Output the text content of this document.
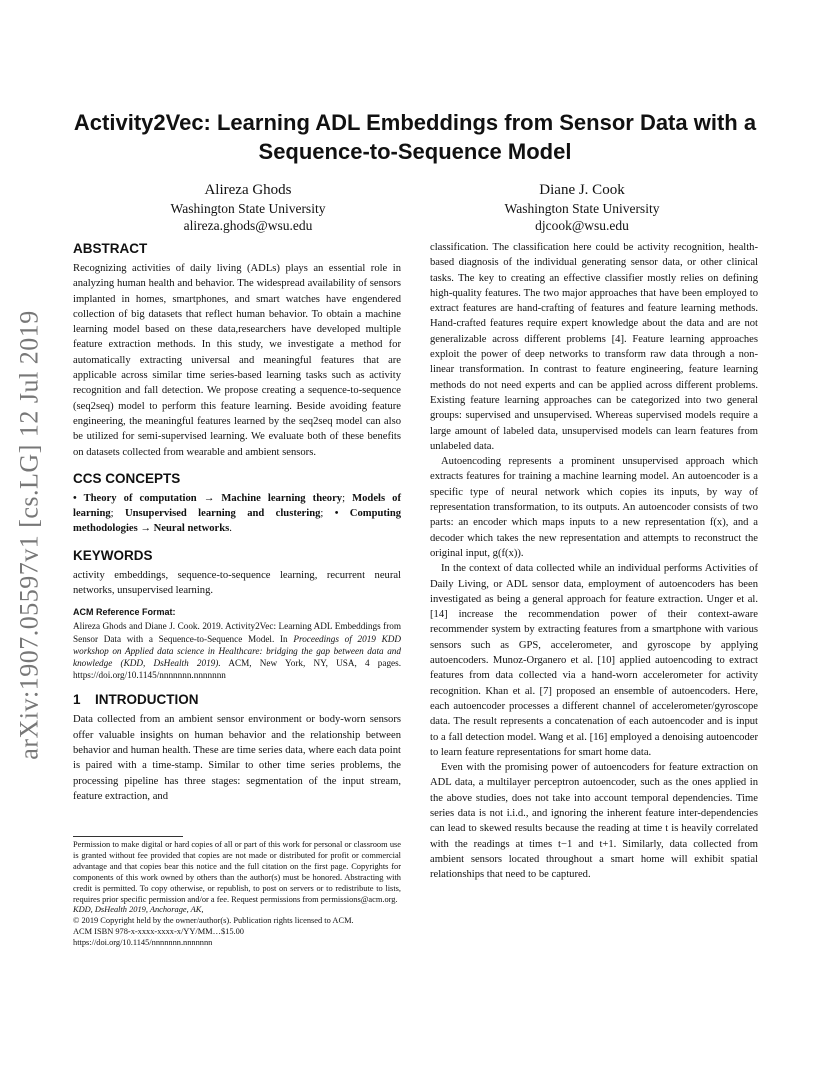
arXiv:1907.05597v1 [cs.LG] 12 Jul 2019
Activity2Vec: Learning ADL Embeddings from Sensor Data with a Sequence-to-Sequence Model
Alireza Ghods
Washington State University
alireza.ghods@wsu.edu
Diane J. Cook
Washington State University
djcook@wsu.edu
ABSTRACT

Recognizing activities of daily living (ADLs) plays an essential role in analyzing human health and behavior. The widespread availability of sensors implanted in homes, smartphones, and smart watches have engendered collection of big datasets that reflect human behavior. To obtain a machine learning model based on these data,researchers have developed multiple feature extraction methods. In this study, we investigate a method for automatically extracting universal and meaningful features that are applicable across similar time series-based learning tasks such as activity recognition and fall detection. We propose creating a sequence-to-sequence (seq2seq) model to perform this feature learning. Beside avoiding feature engineering, the meaningful features learned by the seq2seq model can also be utilized for semi-supervised learning. We evaluate both of these benefits on datasets collected from wearable and ambient sensors.

CCS CONCEPTS

• Theory of computation → Machine learning theory; Models of learning; Unsupervised learning and clustering; • Computing methodologies → Neural networks.

KEYWORDS

activity embeddings, sequence-to-sequence learning, recurrent neural networks, unsupervised learning.

ACM Reference Format:

Alireza Ghods and Diane J. Cook. 2019. Activity2Vec: Learning ADL Embeddings from Sensor Data with a Sequence-to-Sequence Model. In Proceedings of 2019 KDD workshop on Applied data science in Healthcare: bridging the gap between data and knowledge (KDD, DsHealth 2019). ACM, New York, NY, USA, 4 pages. https://doi.org/10.1145/nnnnnnn.nnnnnnn

1 INTRODUCTION

Data collected from an ambient sensor environment or body-worn sensors offer valuable insights on human behavior and the relationship between behavior and human health. These are time series data, where each data point is paired with a time-stamp. Similar to other time series problems, the processing pipeline has three stages: segmentation of the input stream, feature extraction, and

Permission to make digital or hard copies of all or part of this work for personal or classroom use is granted without fee provided that copies are not made or distributed for profit or commercial advantage and that copies bear this notice and the full citation on the first page. Copyrights for components of this work owned by others than the author(s) must be honored. Abstracting with credit is permitted. To copy otherwise, or republish, to post on servers or to redistribute to lists, requires prior specific permission and/or a fee. Request permissions from permissions@acm.org.
KDD, DsHealth 2019, Anchorage, AK,
© 2019 Copyright held by the owner/author(s). Publication rights licensed to ACM.
ACM ISBN 978-x-xxxx-xxxx-x/YY/MM…$15.00
https://doi.org/10.1145/nnnnnnn.nnnnnnn

classification. The classification here could be activity recognition, health-based diagnosis of the individual generating sensor data, or other clinical tasks. The key to creating an effective classifier mostly relies on defining high-quality features. The two major approaches that have been employed to extract features are hand-crafting of features and feature learning methods. Hand-crafted features require expert knowledge about the data and are not generalizable across different problems [4]. Feature learning approaches exploit the power of deep networks to transform raw data through a non-linear transformation. In contrast to feature engineering, feature learning methods do not need experts and can be applied across different problems. Existing feature learning approaches can be categorized into two general groups: supervised and unsupervised. Whereas supervised models require a large amount of labeled data, unsupervised models can learn features from unlabeled data.

Autoencoding represents a prominent unsupervised approach which extracts features for training a machine learning model. An autoencoder is a specific type of neural network which copies its inputs, by way of representation transformation, to its outputs. An autoencoder consists of two parts: an encoder which maps inputs to a new representation f(x), and a decoder which takes the new representation and attempts to reconstruct the original input, g(f(x)).

In the context of data collected while an individual performs Activities of Daily Living, or ADL sensor data, employment of autoencoders has been investigated as being a general approach for feature extraction. Unger et al. [14] increase the recommendation power of their context-aware recommender system by extracting features from a smartphone with various sensors such as GPS, accelerometer, and gyroscope by applying autoencoders. Munoz-Organero et al. [10] applied autoencoding to extract features from data collected via a hand-worn accelerometer for activity recognition. Khan et al. [7] proposed an ensemble of autoencoders. Here, each autoencoder processes a different channel of accelerometer/gyroscope data. The result represents a concatenation of each autoencoder and is input to a fall detection model. Wang et al. [16] employed a denoising autoencoder to learn feature representations for smart home data.

Even with the promising power of autoencoders for feature extraction on ADL data, a multilayer perceptron autoencoder, such as the ones applied in the above studies, does not take into account temporal dependencies. Time series data is not i.i.d., and ignoring the inherent feature inter-dependencies can lead to skewed results because the reading at time t is heavily correlated with the readings at times t−1 and t+1. Similarly, data collected from ambient sensors located throughout a smart home will exhibit spatial relationships that need to be captured.
